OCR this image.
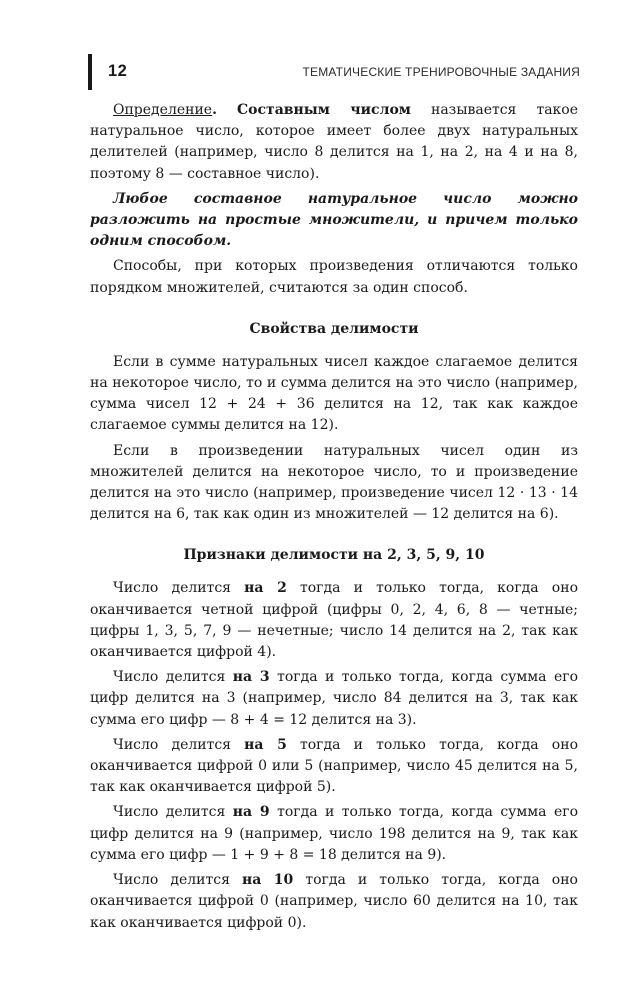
12	ТЕМАТИЧЕСКИЕ ТРЕНИРОВОЧНЫЕ ЗАДАНИЯ

Определение. Составным числом называется такое натуральное число, которое имеет более двух натуральных делителей (например, число 8 делится на 1, на 2, на 4 и на 8, поэтому 8 — составное число).

Любое составное натуральное число можно разложить на простые множители, и причем только одним способом.

Способы, при которых произведения отличаются только порядком множителей, считаются за один способ.

Свойства делимости

Если в сумме натуральных чисел каждое слагаемое делится на некоторое число, то и сумма делится на это число (например, сумма чисел 12 + 24 + 36 делится на 12, так как каждое слагаемое суммы делится на 12).

Если в произведении натуральных чисел один из множителей делится на некоторое число, то и произведение делится на это число (например, произведение чисел 12 · 13 · 14 делится на 6, так как один из множителей — 12 делится на 6).

Признаки делимости на 2, 3, 5, 9, 10

Число делится на 2 тогда и только тогда, когда оно оканчивается четной цифрой (цифры 0, 2, 4, 6, 8 — четные; цифры 1, 3, 5, 7, 9 — нечетные; число 14 делится на 2, так как оканчивается цифрой 4).

Число делится на 3 тогда и только тогда, когда сумма его цифр делится на 3 (например, число 84 делится на 3, так как сумма его цифр — 8 + 4 = 12 делится на 3).

Число делится на 5 тогда и только тогда, когда оно оканчивается цифрой 0 или 5 (например, число 45 делится на 5, так как оканчивается цифрой 5).

Число делится на 9 тогда и только тогда, когда сумма его цифр делится на 9 (например, число 198 делится на 9, так как сумма его цифр — 1 + 9 + 8 = 18 делится на 9).

Число делится на 10 тогда и только тогда, когда оно оканчивается цифрой 0 (например, число 60 делится на 10, так как оканчивается цифрой 0).
